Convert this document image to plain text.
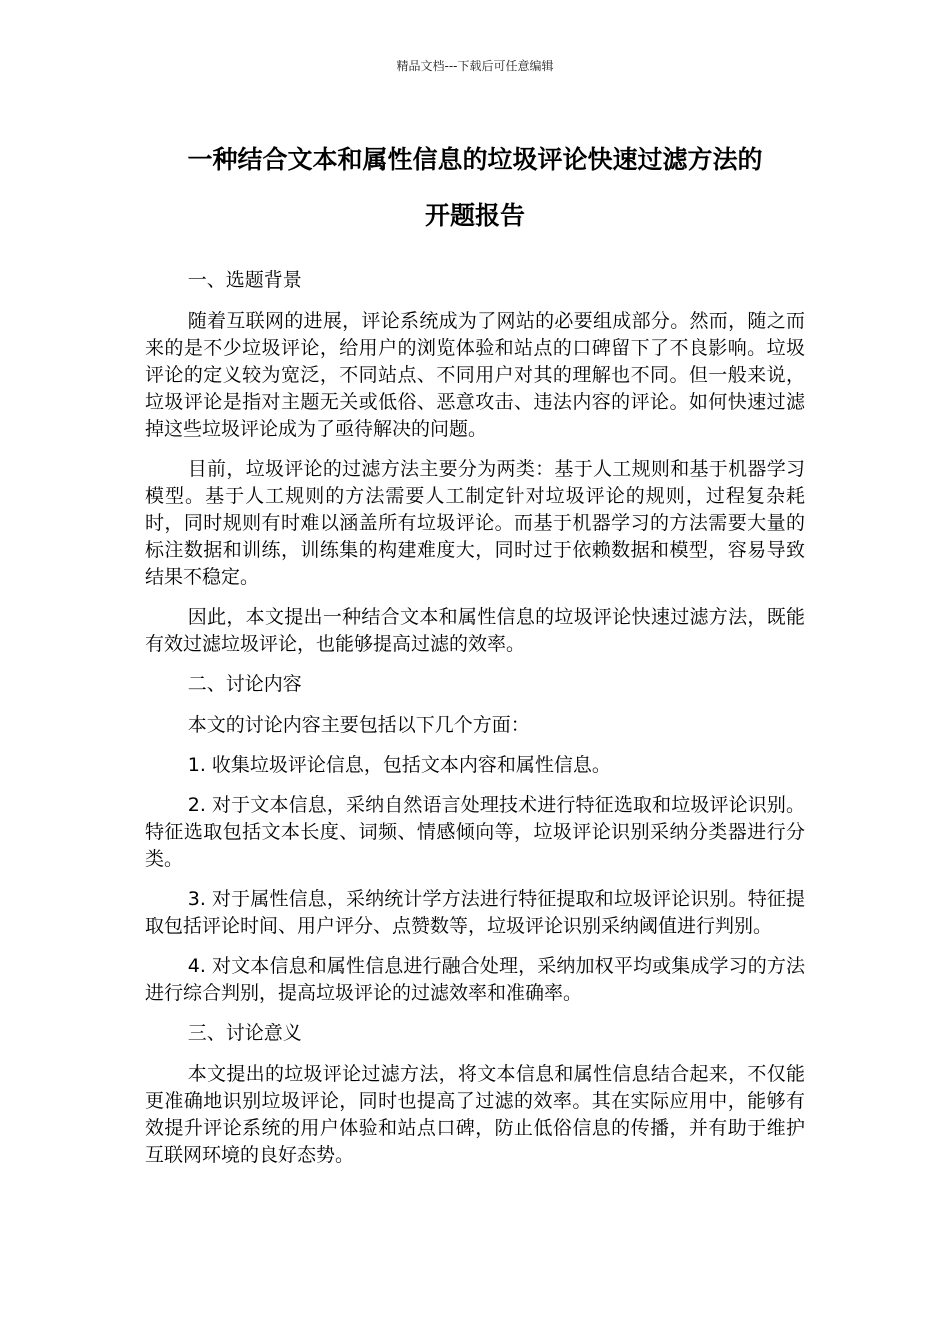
精品文档---下载后可任意编辑
一种结合文本和属性信息的垃圾评论快速过滤方法的
开题报告

一、选题背景

随着互联网的进展，评论系统成为了网站的必要组成部分。然而，随之而来的是不少垃圾评论，给用户的浏览体验和站点的口碑留下了不良影响。垃圾评论的定义较为宽泛，不同站点、不同用户对其的理解也不同。但一般来说，垃圾评论是指对主题无关或低俗、恶意攻击、违法内容的评论。如何快速过滤掉这些垃圾评论成为了亟待解决的问题。

目前，垃圾评论的过滤方法主要分为两类：基于人工规则和基于机器学习模型。基于人工规则的方法需要人工制定针对垃圾评论的规则，过程复杂耗时，同时规则有时难以涵盖所有垃圾评论。而基于机器学习的方法需要大量的标注数据和训练，训练集的构建难度大，同时过于依赖数据和模型，容易导致结果不稳定。

因此，本文提出一种结合文本和属性信息的垃圾评论快速过滤方法，既能有效过滤垃圾评论，也能够提高过滤的效率。

二、讨论内容

本文的讨论内容主要包括以下几个方面：

1. 收集垃圾评论信息，包括文本内容和属性信息。

2. 对于文本信息，采纳自然语言处理技术进行特征选取和垃圾评论识别。特征选取包括文本长度、词频、情感倾向等，垃圾评论识别采纳分类器进行分类。

3. 对于属性信息，采纳统计学方法进行特征提取和垃圾评论识别。特征提取包括评论时间、用户评分、点赞数等，垃圾评论识别采纳阈值进行判别。

4. 对文本信息和属性信息进行融合处理，采纳加权平均或集成学习的方法进行综合判别，提高垃圾评论的过滤效率和准确率。

三、讨论意义

本文提出的垃圾评论过滤方法，将文本信息和属性信息结合起来，不仅能更准确地识别垃圾评论，同时也提高了过滤的效率。其在实际应用中，能够有效提升评论系统的用户体验和站点口碑，防止低俗信息的传播，并有助于维护互联网环境的良好态势。
